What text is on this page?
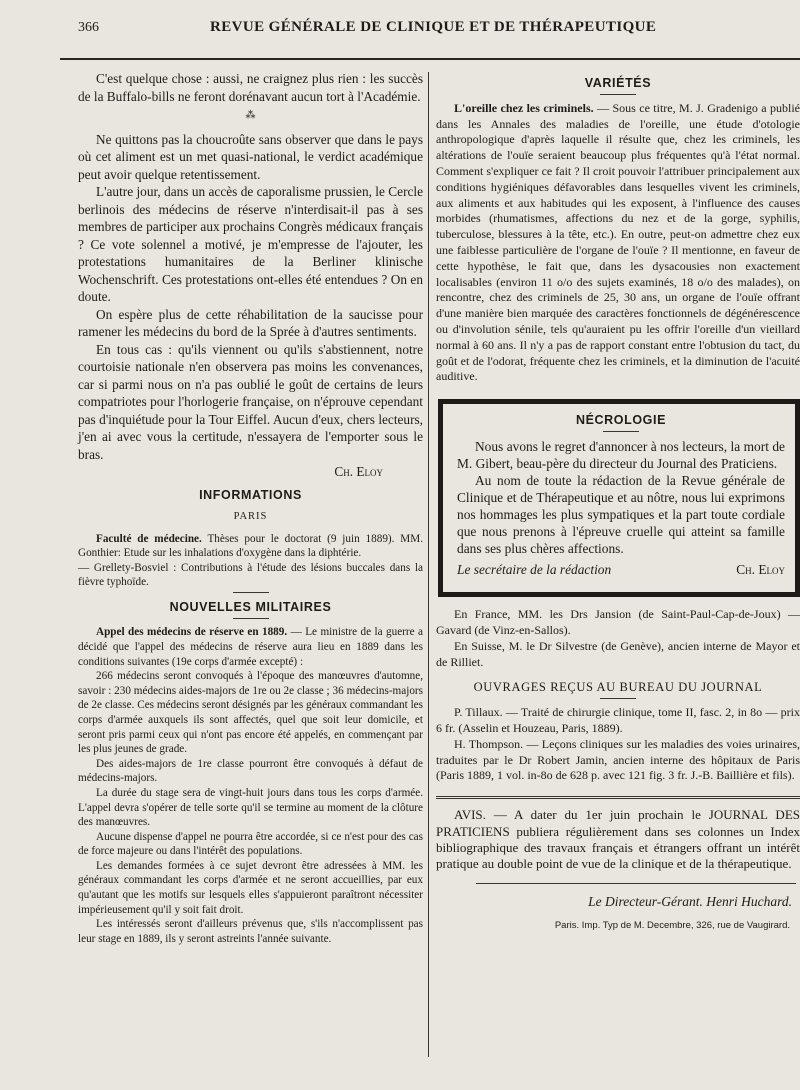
366	REVUE GÉNÉRALE DE CLINIQUE ET DE THÉRAPEUTIQUE

C'est quelque chose : aussi, ne craignez plus rien : les succès de la Buffalo-bills ne feront dorénavant aucun tort à l'Académie.

⁂

Ne quittons pas la choucroûte sans observer que dans le pays où cet aliment est un met quasi-national, le verdict académique peut avoir quelque retentissement.

L'autre jour, dans un accès de caporalisme prussien, le Cercle berlinois des médecins de réserve n'interdisait-il pas à ses membres de participer aux prochains Congrès médicaux français ? Ce vote solennel a motivé, je m'empresse de l'ajouter, les protestations humanitaires de la Berliner klinische Wochenschrift. Ces protestations ont-elles été entendues ? On en doute.

On espère plus de cette réhabilitation de la saucisse pour ramener les médecins du bord de la Sprée à d'autres sentiments.

En tous cas : qu'ils viennent ou qu'ils s'abstiennent, notre courtoisie nationale n'en observera pas moins les convenances, car si parmi nous on n'a pas oublié le goût de certains de leurs compatriotes pour l'horlogerie française, on n'éprouve cependant pas d'inquiétude pour la Tour Eiffel. Aucun d'eux, chers lecteurs, j'en ai avec vous la certitude, n'essayera de l'emporter sous le bras.

Ch. Eloy
INFORMATIONS
PARIS

Faculté de médecine. Thèses pour le doctorat (9 juin 1889). MM. Gonthier: Etude sur les inhalations d'oxygène dans la diphtérie.

— Grellety-Bosviel : Contributions à l'étude des lésions buccales dans la fièvre typhoïde.

NOUVELLES MILITAIRES

Appel des médecins de réserve en 1889. — Le ministre de la guerre a décidé que l'appel des médecins de réserve aura lieu en 1889 dans les conditions suivantes (19e corps d'armée excepté) :

266 médecins seront convoqués à l'époque des manœuvres d'automne, savoir : 230 médecins aides-majors de 1re ou 2e classe ; 36 médecins-majors de 2e classe. Ces médecins seront désignés par les généraux commandant les corps d'armée auxquels ils sont affectés, quel que soit leur domicile, et seront pris parmi ceux qui n'ont pas encore été appelés, en commençant par les plus jeunes de grade.

Des aides-majors de 1re classe pourront être convoqués à défaut de médecins-majors.

La durée du stage sera de vingt-huit jours dans tous les corps d'armée. L'appel devra s'opérer de telle sorte qu'il se termine au moment de la clôture des manœuvres.

Aucune dispense d'appel ne pourra être accordée, si ce n'est pour des cas de force majeure ou dans l'intérêt des populations.

Les demandes formées à ce sujet devront être adressées à MM. les généraux commandant les corps d'armée et ne seront accueillies, par eux qu'autant que les motifs sur lesquels elles s'appuieront paraîtront nécessiter impérieusement qu'il y soit fait droit.

Les intéressés seront d'ailleurs prévenus que, s'ils n'accomplissent pas leur stage en 1889, ils y seront astreints l'année suivante.

VARIÉTÉS

L'oreille chez les criminels. — Sous ce titre, M. J. Gradenigo a publié dans les Annales des maladies de l'oreille, une étude d'otologie anthropologique d'après laquelle il résulte que, chez les criminels, les altérations de l'ouïe seraient beaucoup plus fréquentes qu'à l'état normal. Comment s'expliquer ce fait ? Il croit pouvoir l'attribuer principalement aux conditions hygiéniques défavorables dans lesquelles vivent les criminels, aux aliments et aux habitudes qui les exposent, à l'influence des causes morbides (rhumatismes, affections du nez et de la gorge, syphilis, tuberculose, blessures à la tête, etc.). En outre, peut-on admettre chez eux une faiblesse particulière de l'organe de l'ouïe ? Il mentionne, en faveur de cette hypothèse, le fait que, dans les dysacousies non exactement localisables (environ 11 o/o des sujets examinés, 18 o/o des malades), on rencontre, chez des criminels de 25, 30 ans, un organe de l'ouïe offrant d'une manière bien marquée des caractères fonctionnels de dégénérescence ou d'involution sénile, tels qu'auraient pu les offrir l'oreille d'un vieillard normal à 60 ans. Il n'y a pas de rapport constant entre l'obtusion du tact, du goût et de l'odorat, fréquente chez les criminels, et la diminution de l'acuité auditive.

NÉCROLOGIE

Nous avons le regret d'annoncer à nos lecteurs, la mort de M. Gibert, beau-père du directeur du Journal des Praticiens.

Au nom de toute la rédaction de la Revue générale de Clinique et de Thérapeutique et au nôtre, nous lui exprimons nos hommages les plus sympatiques et la part toute cordiale que nous prenons à l'épreuve cruelle qui atteint sa famille dans ses plus chères affections.

Le secrétaire de la rédaction	Ch. Eloy

En France, MM. les Drs Jansion (de Saint-Paul-Cap-de-Joux) — Gavard (de Vinz-en-Sallos).

En Suisse, M. le Dr Silvestre (de Genève), ancien interne de Mayor et de Rilliet.

OUVRAGES REÇUS AU BUREAU DU JOURNAL

P. Tillaux. — Traité de chirurgie clinique, tome II, fasc. 2, in 8o — prix 6 fr. (Asselin et Houzeau, Paris, 1889).

H. Thompson. — Leçons cliniques sur les maladies des voies urinaires, traduites par le Dr Robert Jamin, ancien interne des hôpitaux de Paris (Paris 1889, 1 vol. in-8o de 628 p. avec 121 fig. 3 fr. J.-B. Baillière et fils).

AVIS. — A dater du 1er juin prochain le JOURNAL DES PRATICIENS publiera régulièrement dans ses colonnes un Index bibliographique des travaux français et étrangers offrant un intérêt pratique au double point de vue de la clinique et de la thérapeutique.

Le Directeur-Gérant. Henri Huchard.
Paris. Imp. Typ de M. Decembre, 326, rue de Vaugirard.
